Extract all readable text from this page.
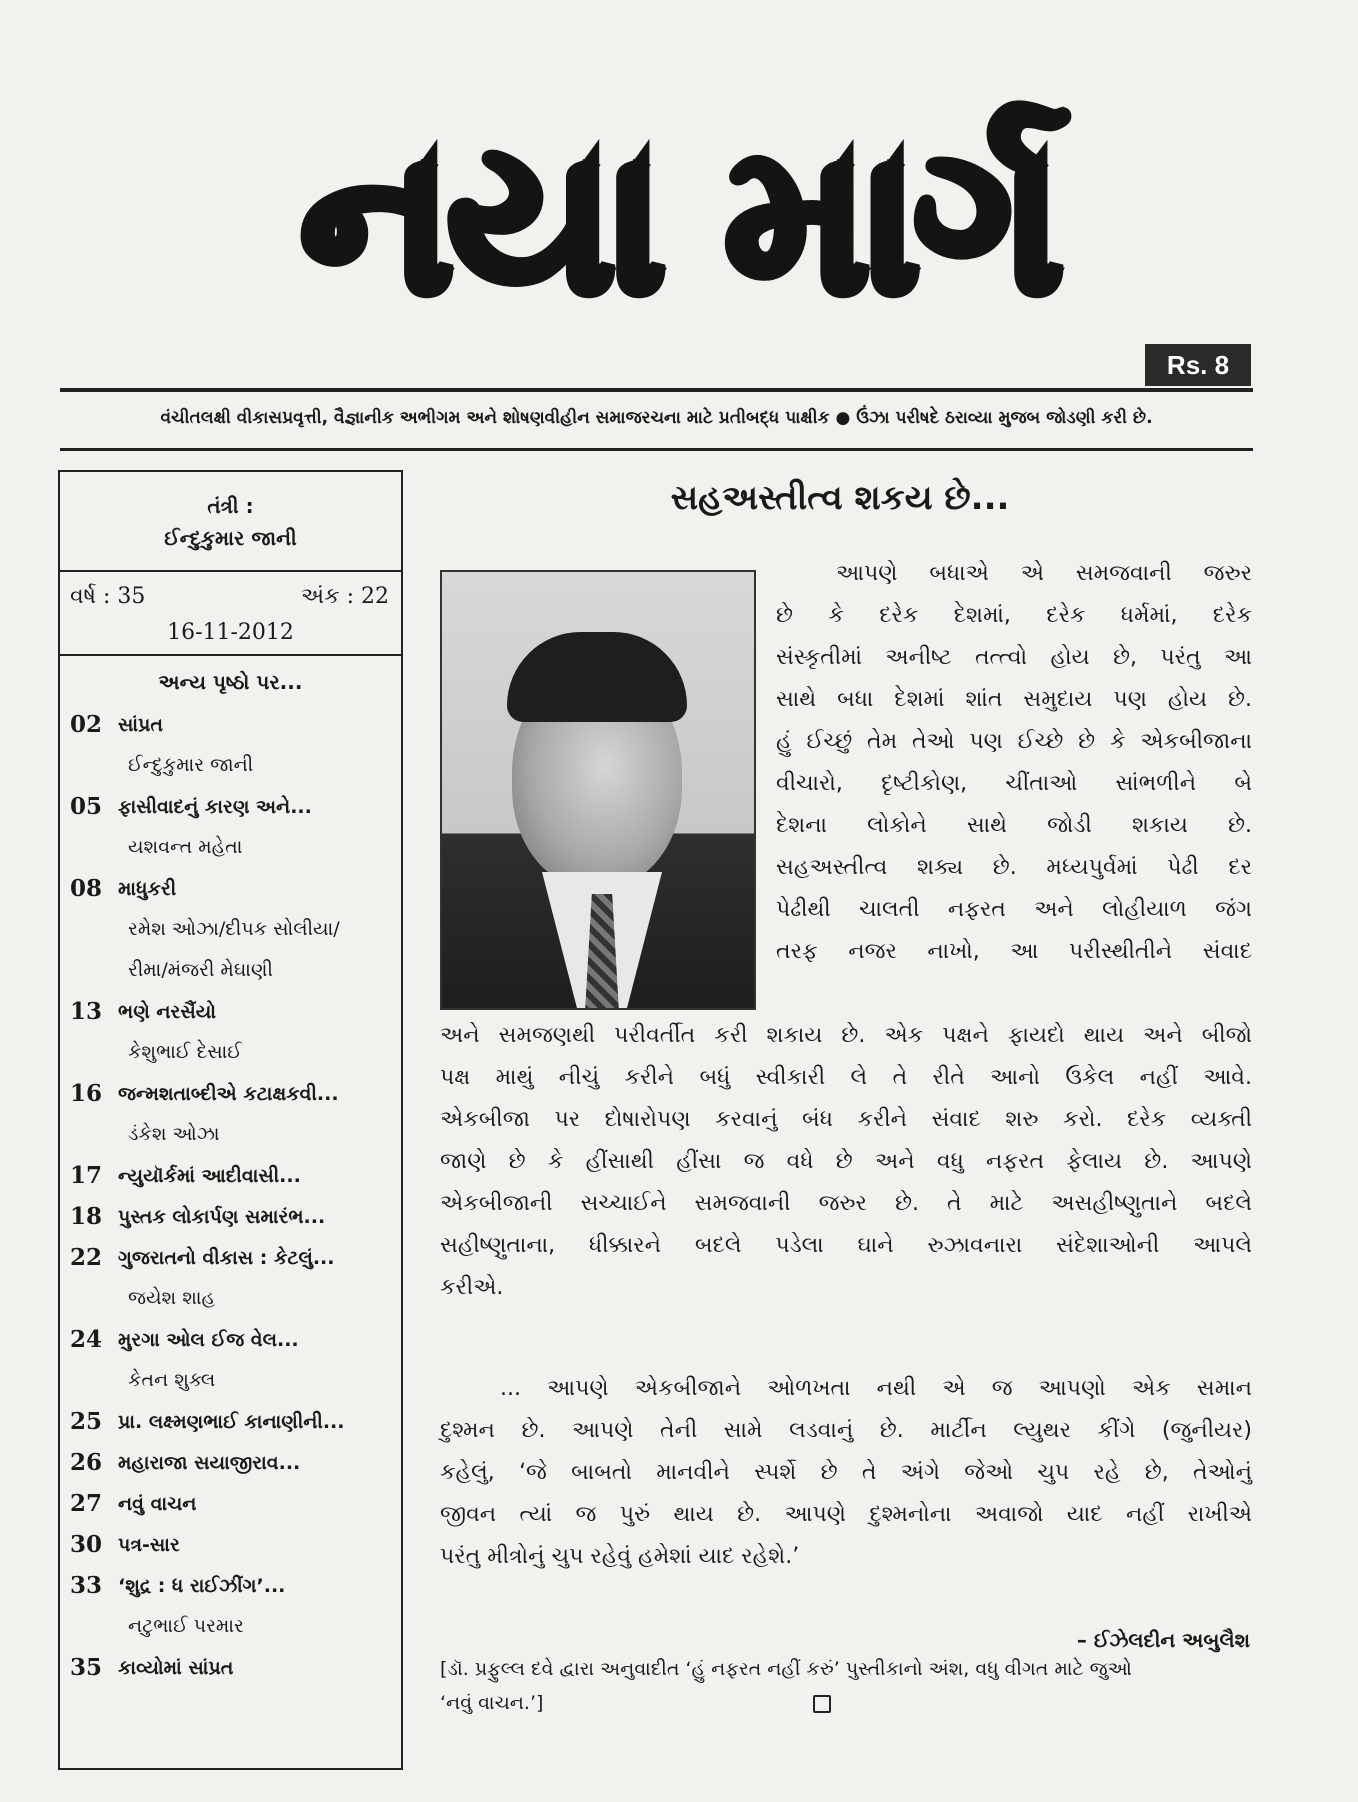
નયા માર્ગ
Rs. 8
વંચીતલક્ષી વીકાસપ્રવૃત્તી, વૈજ્ઞાનીક અભીગમ અને શોષણવીહીન સમાજરચના માટે પ્રતીબદ્ધ પાક્ષીક ● ઉંઝા પરીષદે ઠરાવ્યા મુજબ જોડણી કરી છે.
તંત્રી :
ઈન્દુકુમાર જાની
વર્ષ : 35	અંક : 22
16-11-2012
અન્ય પૃષ્ઠો પર...
02 સાંપ્રત
ઈન્દુકુમાર જાની
05 ફાસીવાદનું કારણ અને...
યશવન્ત મહેતા
08 માધુકરી
રમેશ ઓઝા/દીપક સોલીયા/
રીમા/મંજરી મેઘાણી
13 ભણે નરસૈંયો
કેશુભાઈ દેસાઈ
16 જન્મશતાબ્દીએ કટાક્ષકવી...
ડંકેશ ઓઝા
17 ન્યુયૉર્કમાં આદીવાસી...
18 પુસ્તક લોકાર્પણ સમારંભ...
22 ગુજરાતનો વીકાસ : કેટલું...
જયેશ શાહ
24 મુરગા ઓલ ઈજ વેલ...
કેતન શુક્લ
25 પ્રા. લક્ષ્મણભાઈ કાનાણીની...
26 મહારાજા સયાજીરાવ...
27 નવું વાચન
30 પત્ર-સાર
33 ‘શુદ્ર : ધ રાઈઝીંગ’...
નટુભાઈ પરમાર
35 કાવ્યોમાં સાંપ્રત
સહઅસ્તીત્વ શકય છે...
આપણે બધાએ એ સમજવાની જરુર
છે કે દરેક દેશમાં, દરેક ધર્મમાં, દરેક
સંસ્કૃતીમાં અનીષ્ટ તત્ત્વો હોય છે, પરંતુ આ
સાથે બધા દેશમાં શાંત સમુદાય પણ હોય છે.
હું ઈચ્છું તેમ તેઓ પણ ઈચ્છે છે કે એકબીજાના
વીચારો, દૃષ્ટીકોણ, ચીંતાઓ સાંભળીને બે
દેશના લોકોને સાથે જોડી શકાય છે.
સહઅસ્તીત્વ શક્ય છે. મધ્યપુર્વમાં પેઢી દર
પેઢીથી ચાલતી નફરત અને લોહીયાળ જંગ
તરફ નજર નાખો, આ પરીસ્થીતીને સંવાદ
અને સમજણથી પરીવર્તીત કરી શકાય છે. એક પક્ષને ફાયદો થાય અને બીજો
પક્ષ માથું નીચું કરીને બધું સ્વીકારી લે તે રીતે આનો ઉકેલ નહીં આવે.
એકબીજા પર દોષારોપણ કરવાનું બંધ કરીને સંવાદ શરુ કરો. દરેક વ્યક્તી
જાણે છે કે હીંસાથી હીંસા જ વધે છે અને વધુ નફરત ફેલાય છે. આપણે
એકબીજાની સચ્ચાઈને સમજવાની જરુર છે. તે માટે અસહીષ્ણુતાને બદલે
સહીષ્ણુતાના, ધીક્કારને બદલે પડેલા ઘાને રુઝાવનારા સંદેશાઓની આપલે
કરીએ.
... આપણે એકબીજાને ઓળખતા નથી એ જ આપણો એક સમાન
દુશ્મન છે. આપણે તેની સામે લડવાનું છે. માર્ટીન લ્યુથર કીંગે (જુનીયર)
કહેલું, ‘જે બાબતો માનવીને સ્પર્શે છે તે અંગે જેઓ ચુપ રહે છે, તેઓનું
જીવન ત્યાં જ પુરું થાય છે. આપણે દુશ્મનોના અવાજો યાદ નહીં રાખીએ
પરંતુ મીત્રોનું ચુપ રહેવું હમેશાં યાદ રહેશે.’
– ઈઝેલદીન અબુલૈશ
[ડૉ. પ્રફુલ્લ દવે દ્વારા અનુવાદીત ‘હું નફરત નહીં કરું’ પુસ્તીકાનો અંશ, વધુ વીગત માટે જુઓ
‘નવું વાચન.’]
